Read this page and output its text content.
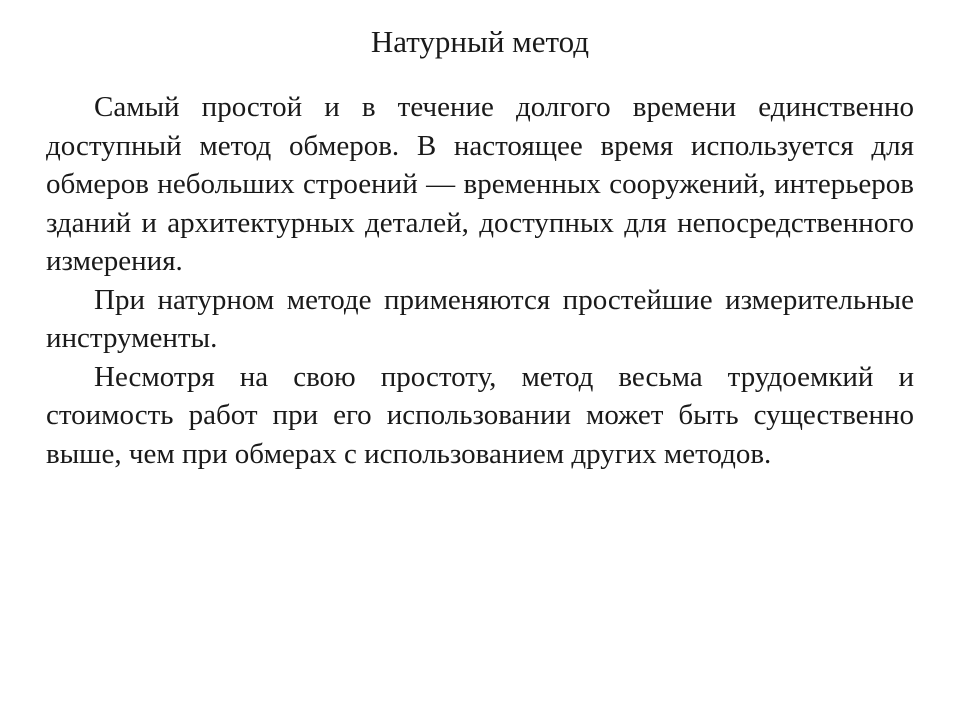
Натурный метод

Самый простой и в течение долгого времени единственно доступный метод обмеров. В настоящее время используется для обмеров небольших строений — временных сооружений, интерьеров зданий и архитектурных деталей, доступных для непосредственного измерения.

При натурном методе применяются простейшие измерительные инструменты.

Несмотря на свою простоту, метод весьма трудоемкий и стоимость работ при его использовании может быть существенно выше, чем при обмерах с использованием других методов.
